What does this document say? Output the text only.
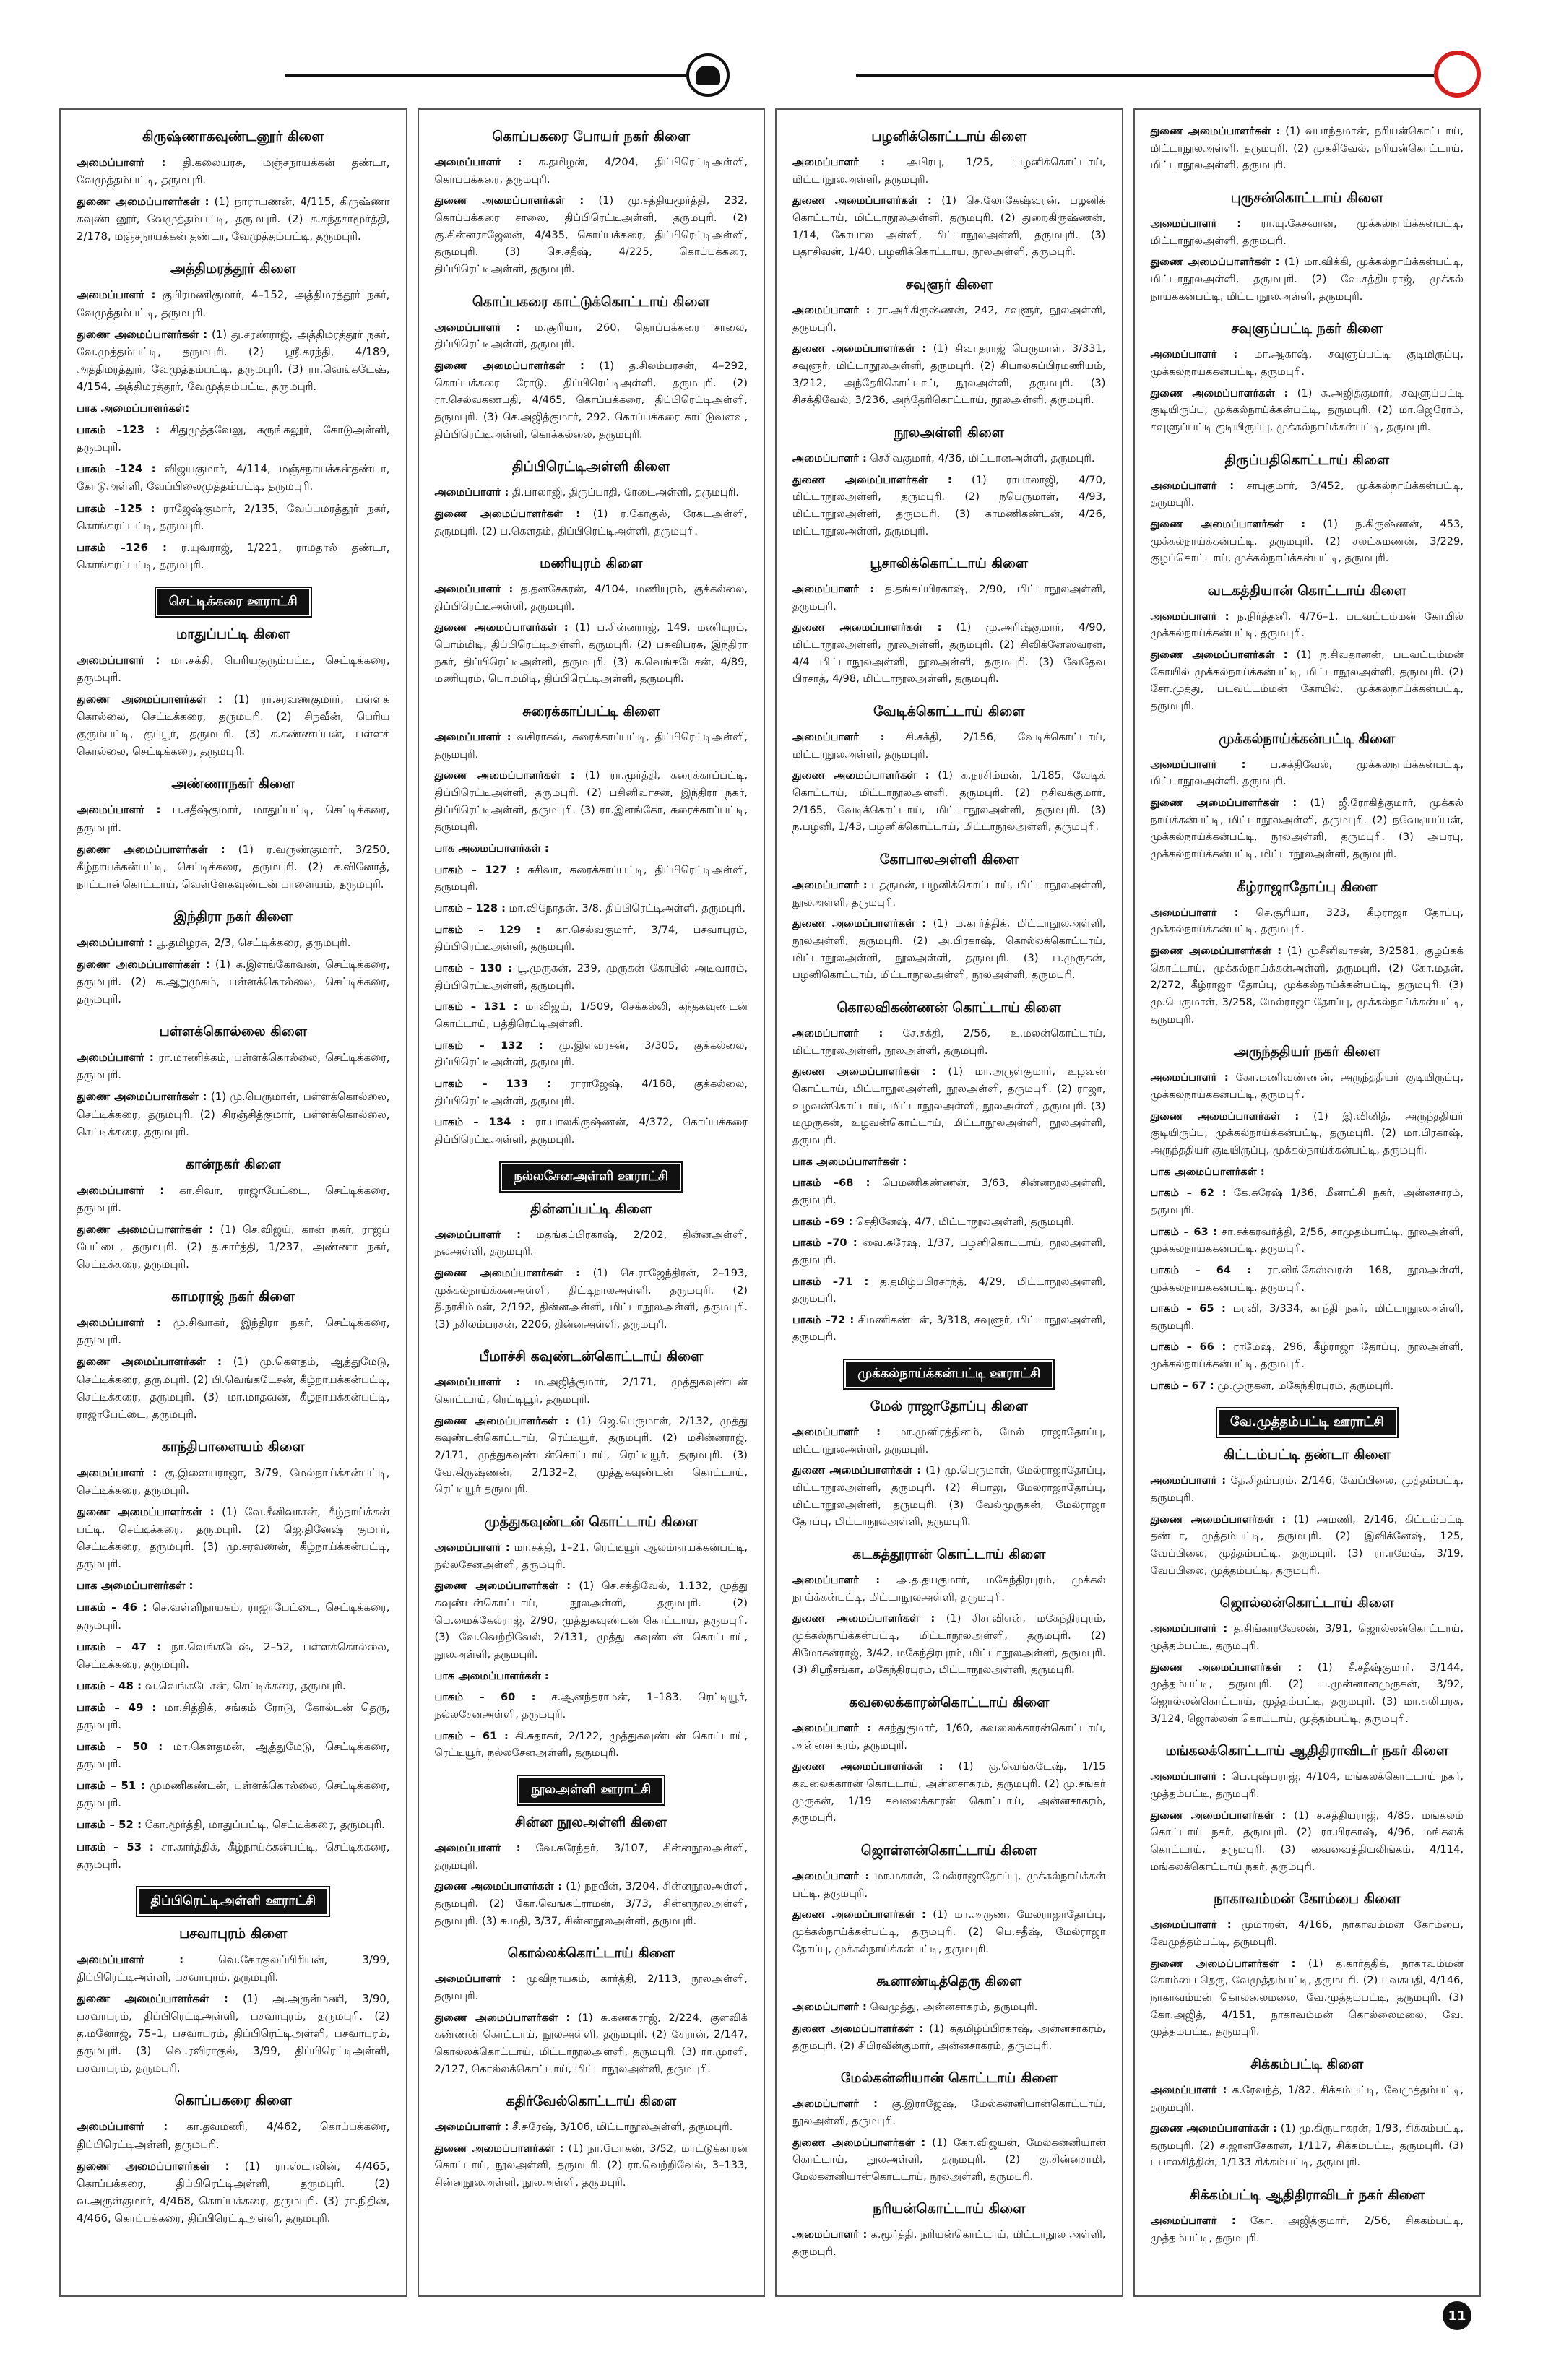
கிருஷ்ணாகவுண்டனூர் கிளை
அமைப்பாளர் : தி.கலையரசு, மஞ்சநாயக்கன் தண்டா, வேமுத்தம்பட்டி, தருமபுரி.
துணை அமைப்பாளர்கள் : (1) நாராயணன், 4/115, கிருஷ்ணா கவுண்டனூர், வேமுத்தம்பட்டி, தருமபுரி. (2) க.கந்தசாமூர்த்தி, 2/178, மஞ்சநாயக்கன் தண்டா, வேமுத்தம்பட்டி, தருமபுரி.
அத்திமரத்தூர் கிளை
அமைப்பாளர் : குபிரமணிகுமார், 4–152, அத்திமரத்தூர் நகர், வேமுத்தம்பட்டி, தருமபுரி.
துணை அமைப்பாளர்கள் : (1) து.சரண்ராஜ், அத்திமரத்தூர் நகர், வே.முத்தம்பட்டி, தருமபுரி. (2) ஸ்ரீ.கரந்தி, 4/189, அத்திமரத்தூர், வேமுத்தம்பட்டி, தருமபுரி. (3) ரா.வெங்கடேஷ், 4/154, அத்திமரத்தூர், வேமுத்தம்பட்டி, தருமபுரி.
பாக அமைப்பாளர்கள்:
பாகம் –123 : சிதுமுத்தவேலு, கருங்கலூர், கோடுஅள்ளி, தருமபுரி.
பாகம் –124 : விஜயகுமார், 4/114, மஞ்சநாயக்கன்தண்டா, கோடுஅள்ளி, வேப்பிலைமுத்தம்பட்டி, தருமபுரி.
பாகம் –125 : ராஜேஷ்குமார், 2/135, வேப்பமரத்தூர் நகர், கொங்கரப்பட்டி, தருமபுரி.
பாகம் –126 : ர.யுவராஜ், 1/221, ராமதால் தண்டா, கொங்கரப்பட்டி, தருமபுரி.
செட்டிக்கரை ஊராட்சி
மாதுப்பட்டி கிளை
அமைப்பாளர் : மா.சக்தி, பெரியகுரும்பட்டி, செட்டிக்கரை, தருமபுரி.
துணை அமைப்பாளர்கள் : (1) ரா.சரவணகுமார், பள்ளக் கொல்லை, செட்டிக்கரை, தருமபுரி. (2) சிநவீன், பெரிய குரும்பட்டி, குப்பூர், தருமபுரி. (3) க.கண்ணப்பன், பள்ளக் கொல்லை, செட்டிக்கரை, தருமபுரி.
அண்ணாநகர் கிளை
அமைப்பாளர் : ப.சதீஷ்குமார், மாதுப்பட்டி, செட்டிக்கரை, தருமபுரி.
துணை அமைப்பாளர்கள் : (1) ர.வருண்குமார், 3/250, கீழ்நாயக்கன்பட்டி, செட்டிக்கரை, தருமபுரி. (2) ச.வினோத், நாட்டான்கொட்டாய், வெள்ளேகவுண்டன் பாளையம், தருமபுரி.
இந்திரா நகர் கிளை
அமைப்பாளர் : பூ.தமிழரசு, 2/3, செட்டிக்கரை, தருமபுரி.
துணை அமைப்பாளர்கள் : (1) க.இளங்கோவன், செட்டிக்கரை, தருமபுரி. (2) க.ஆறுமுகம், பள்ளக்கொல்லை, செட்டிக்கரை, தருமபுரி.
பள்ளக்கொல்லை கிளை
அமைப்பாளர் : ரா.மாணிக்கம், பள்ளக்கொல்லை, செட்டிக்கரை, தருமபுரி.
துணை அமைப்பாளர்கள் : (1) மு.பெருமாள், பள்ளக்கொல்லை, செட்டிக்கரை, தருமபுரி. (2) சிரஞ்சித்குமார், பள்ளக்கொல்லை, செட்டிக்கரை, தருமபுரி.
கான்நகர் கிளை
அமைப்பாளர் : கா.சிவா, ராஜாபேட்டை, செட்டிக்கரை, தருமபுரி.
துணை அமைப்பாளர்கள் : (1) செ.விஜய், கான் நகர், ராஜப் பேட்டை, தருமபுரி. (2) த.கார்த்தி, 1/237, அண்ணா நகர், செட்டிக்கரை, தருமபுரி.
காமராஜ் நகர் கிளை
அமைப்பாளர் : மு.சிவாகர், இந்திரா நகர், செட்டிக்கரை, தருமபுரி.
துணை அமைப்பாளர்கள் : (1) மு.கௌதம், ஆத்துமேடு, செட்டிக்கரை, தருமபுரி. (2) பி.வெங்கடேசன், கீழ்நாயக்கன்பட்டி, செட்டிக்கரை, தருமபுரி. (3) மா.மாதவன், கீழ்நாயக்கன்பட்டி, ராஜாபேட்டை, தருமபுரி.
காந்திபாளையம் கிளை
அமைப்பாளர் : கு.இளையராஜா, 3/79, மேல்நாய்க்கன்பட்டி, செட்டிக்கரை, தருமபுரி.
துணை அமைப்பாளர்கள் : (1) வே.சீனிவாசன், கீழ்நாய்க்கன் பட்டி, செட்டிக்கரை, தருமபுரி. (2) ஜெ.தினேஷ் குமார், செட்டிக்கரை, தருமபுரி. (3) மு.சரவணன், கீழ்நாய்க்கன்பட்டி, தருமபுரி.
பாக அமைப்பாளர்கள் :
பாகம் – 46 : செ.வள்ளிநாயகம், ராஜாபேட்டை, செட்டிக்கரை, தருமபுரி.
பாகம் – 47 : நா.வெங்கடேஷ், 2–52, பள்ளக்கொல்லை, செட்டிக்கரை, தருமபுரி.
பாகம் – 48 : வ.வெங்கடேசன், செட்டிக்கரை, தருமபுரி.
பாகம் – 49 : மா.சித்திக், சங்கம் ரோடு, கோல்டன் தெரு, தருமபுரி.
பாகம் – 50 : மா.கௌதமன், ஆத்துமேடு, செட்டிக்கரை, தருமபுரி.
பாகம் – 51 : முமணிகண்டன், பள்ளக்கொல்லை, செட்டிக்கரை, தருமபுரி.
பாகம் – 52 : கோ.மூர்த்தி, மாதுப்பட்டி, செட்டிக்கரை, தருமபுரி.
பாகம் – 53 : சா.கார்த்திக், கீழ்நாய்க்கன்பட்டி, செட்டிக்கரை, தருமபுரி.
திப்பிரெட்டிஅள்ளி ஊராட்சி
பசவாபுரம் கிளை
அமைப்பாளர் :	வெ.கோகுலப்பிரியன், 3/99, திப்பிரெட்டிஅள்ளி, பசவாபுரம், தருமபுரி.
துணை அமைப்பாளர்கள் : (1) அ.அருள்மணி, 3/90, பசவாபுரம், திப்பிரெட்டிஅள்ளி, பசவாபுரம், தருமபுரி. (2) த.மனோஜ், 75–1, பசவாபுரம், திப்பிரெட்டிஅள்ளி, பசவாபுரம், தருமபுரி. (3) வெ.ரவிராகுல், 3/99, திப்பிரெட்டிஅள்ளி, பசவாபுரம், தருமபுரி.
கொப்பகரை கிளை
அமைப்பாளர் : கா.தவமணி, 4/462, கொப்பக்கரை, திப்பிரெட்டிஅள்ளி, தருமபுரி.
துணை அமைப்பாளர்கள் : (1) ரா.ஸ்டாலின், 4/465, கொப்பக்கரை, திப்பிரெட்டிஅள்ளி, தருமபுரி. (2) வ.அருள்குமார், 4/468, கொப்பக்கரை, தருமபுரி. (3) ரா.நிதின், 4/466, கொப்பக்கரை, திப்பிரெட்டிஅள்ளி, தருமபுரி.
கொப்பகரை போயர் நகர் கிளை
அமைப்பாளர் : க.தமிழன், 4/204, திப்பிரெட்டிஅள்ளி, கொப்பக்கரை, தருமபுரி.
துணை அமைப்பாளர்கள் : (1) மு.சத்தியமூர்த்தி, 232, கொப்பக்கரை சாலை, திப்பிரெட்டிஅள்ளி, தருமபுரி. (2) கு.சின்னராஜேலன், 4/435, கொப்பக்கரை, திப்பிரெட்டிஅள்ளி, தருமபுரி. (3) செ.சதீஷ், 4/225, கொப்பக்கரை, திப்பிரெட்டிஅள்ளி, தருமபுரி.
கொப்பகரை காட்டுக்கொட்டாய் கிளை
அமைப்பாளர் : ம.சூரியா, 260, தொப்பக்கரை சாலை, திப்பிரெட்டிஅள்ளி, தருமபுரி.
துணை அமைப்பாளர்கள் : (1) த.சிலம்பரசன், 4–292, கொப்பக்கரை ரோடு, திப்பிரெட்டிஅள்ளி, தருமபுரி. (2) ரா.செல்வகணபதி, 4/465, கொப்பக்கரை, திப்பிரெட்டிஅள்ளி, தருமபுரி. (3) செ.அஜித்குமார், 292, கொப்பக்கரை காட்டுவளவு, திப்பிரெட்டிஅள்ளி, கொக்கல்லை, தருமபுரி.
திப்பிரெட்டிஅள்ளி கிளை
அமைப்பாளர் : தி.பாலாஜி, திருப்பாதி, ரேடைஅள்ளி, தருமபுரி.
துணை அமைப்பாளர்கள் : (1) ர.கோகுல், ரேகடஅள்ளி, தருமபுரி. (2) ப.கௌதம், திப்பிரெட்டிஅள்ளி, தருமபுரி.
மணியுரம் கிளை
அமைப்பாளர் : த.தனசேகரன், 4/104, மணியுரம், குக்கல்லை, திப்பிரெட்டிஅள்ளி, தருமபுரி.
துணை அமைப்பாளர்கள் : (1) ப.சின்னராஜ், 149, மணியுரம், பொம்மிடி, திப்பிரெட்டிஅள்ளி, தருமபுரி. (2) பசுவிபரசு, இந்திரா நகர், திப்பிரெட்டிஅள்ளி, தருமபுரி. (3) க.வெங்கடேசன், 4/89, மணியுரம், பொம்மிடி, திப்பிரெட்டிஅள்ளி, தருமபுரி.
சுரைக்காப்பட்டி கிளை
அமைப்பாளர் : வசிராகவ், சுரைக்காப்பட்டி, திப்பிரெட்டிஅள்ளி, தருமபுரி.
துணை அமைப்பாளர்கள் : (1) ரா.மூர்த்தி, சுரைக்காப்பட்டி, திப்பிரெட்டிஅள்ளி, தருமபுரி. (2) பசினிவாசன், இந்திரா நகர், திப்பிரெட்டிஅள்ளி, தருமபுரி. (3) ரா.இளங்கோ, சுரைக்காப்பட்டி, தருமபுரி.
பாக அமைப்பாளர்கள் :
பாகம் – 127 : சுசிவா, சுரைக்காப்பட்டி, திப்பிரெட்டிஅள்ளி, தருமபுரி.
பாகம் – 128 : மா.விநோதன், 3/8, திப்பிரெட்டிஅள்ளி, தருமபுரி.
பாகம் – 129 : கா.செல்வகுமார், 3/74, பசவாபுரம், திப்பிரெட்டிஅள்ளி, தருமபுரி.
பாகம் – 130 : பூ.முருகன், 239, முருகன் கோயில் அடிவாரம், திப்பிரெட்டிஅள்ளி, தருமபுரி.
பாகம் – 131 : மாவிஜய், 1/509, செக்கல்லி, கந்தகவுண்டன் கொட்டாய், பத்திரெட்டிஅள்ளி.
பாகம் – 132 : மு.இளவரசன், 3/305, குக்கல்லை, திப்பிரெட்டிஅள்ளி, தருமபுரி.
பாகம் – 133 : ராராஜேஷ், 4/168, குக்கல்லை, திப்பிரெட்டிஅள்ளி, தருமபுரி.
பாகம் – 134 : ரா.பாலகிருஷ்ணன், 4/372, கொப்பக்கரை திப்பிரெட்டிஅள்ளி, தருமபுரி.
நல்லசேனஅள்ளி ஊராட்சி
தின்னப்பட்டி கிளை
அமைப்பாளர் : மதங்கப்பிரகாஷ், 2/202, தின்னஅள்ளி, நலஅள்ளி, தருமபுரி.
துணை அமைப்பாளர்கள் : (1) செ.ராஜேந்திரன், 2–193, முக்கல்நாய்க்கனஅள்ளி, திட்டிநாலஅள்ளி, தருமபுரி. (2) தீ.நரசிம்மன், 2/192, தின்னஅள்ளி, மிட்டாநூலஅள்ளி, தருமபுரி. (3) நசிலம்பரசன், 2206, தின்னஅள்ளி, தருமபுரி.
பீமாச்சி கவுண்டன்கொட்டாய் கிளை
அமைப்பாளர் : ம.அஜித்குமார், 2/171, முத்துகவுண்டன் கொட்டாய், ரெட்டியூர், தருமபுரி.
துணை அமைப்பாளர்கள் : (1) ஜெ.பெருமாள், 2/132, முத்து கவுண்டன்கொட்டாய், ரெட்டியூர், தருமபுரி. (2) மசின்னராஜ், 2/171, முத்துகவுண்டன்கொட்டாய், ரெட்டியூர், தருமபுரி. (3) வே.கிருஷ்ணன், 2/132–2, முத்துகவுண்டன் கொட்டாய், ரெட்டியூர் தருமபுரி.
முத்துகவுண்டன் கொட்டாய் கிளை
அமைப்பாளர் : மா.சக்தி, 1–21, ரெட்டியூர் ஆலம்நாயக்கன்பட்டி, நல்லசேனஅள்ளி, தருமபுரி.
துணை அமைப்பாளர்கள் : (1) செ.சக்திவேல், 1.132, முத்து கவுண்டன்கொட்டாய், நூலஅள்ளி, தருமபுரி. (2) பெ.மைக்கேல்ராஜ், 2/90, முத்துகவுண்டன் கொட்டாய், தருமபுரி. (3) வே.வெற்றிவேல், 2/131, முத்து கவுண்டன் கொட்டாய், நூலஅள்ளி, தருமபுரி.
பாக அமைப்பாளர்கள் :
பாகம் – 60 : ச.ஆனந்தராமன், 1–183, ரெட்டியூர், நல்லசேனஅள்ளி, தருமபுரி.
பாகம் – 61 : கி.சுதாகர், 2/122, முத்துகவுண்டன் கொட்டாய், ரெட்டியூர், நல்லசேனஅள்ளி, தருமபுரி.
நூலஅள்ளி ஊராட்சி
சின்ன நூலஅள்ளி கிளை
அமைப்பாளர் : வே.சுரேந்தர், 3/107, சின்னநூலஅள்ளி, தருமபுரி.
துணை அமைப்பாளர்கள் : (1) நநவீன், 3/204, சின்னநூலஅள்ளி, தருமபுரி. (2) கோ.வெங்கட்ராமன், 3/73, சின்னநூலஅள்ளி, தருமபுரி. (3) சு.மதி, 3/37, சின்னநூலஅள்ளி, தருமபுரி.
கொல்லக்கொட்டாய் கிளை
அமைப்பாளர் : முவிநாயகம், கார்த்தி, 2/113, நூலஅள்ளி, தருமபுரி.
துணை அமைப்பாளர்கள் : (1) சு.கணகராஜ், 2/224, குளவிக் கண்ணன் கொட்டாய், நூலஅள்ளி, தருமபுரி. (2) சேரான், 2/147, கொல்லக்கொட்டாய், மிட்டாநூலஅள்ளி, தருமபுரி. (3) ரா.முரளி, 2/127, கொல்லக்கொட்டாய், மிட்டாநூலஅள்ளி, தருமபுரி.
கதிர்வேல்கொட்டாய் கிளை
அமைப்பாளர் : சீ.சுரேஷ், 3/106, மிட்டாநூலஅள்ளி, தருமபுரி.
துணை அமைப்பாளர்கள் : (1) நா.மோகன், 3/52, மாட்டுக்காரன் கொட்டாய், நூலஅள்ளி, தருமபுரி. (2) ரா.வெற்றிவேல், 3–133, சின்னநூலஅள்ளி, நூலஅள்ளி, தருமபுரி.
பழனிக்கொட்டாய் கிளை
அமைப்பாளர் : அபிரபு, 1/25, பழனிக்கொட்டாய், மிட்டாநூலஅள்ளி, தருமபுரி.
துணை அமைப்பாளர்கள் : (1) செ.லோகேஷ்வரன், பழனிக் கொட்டாய், மிட்டாநூலஅள்ளி, தருமபுரி. (2) துறைகிருஷ்ணன், 1/14, கோபால அள்ளி, மிட்டாநூலஅள்ளி, தருமபுரி. (3) பதாசிவன், 1/40, பழனிக்கொட்டாய், நூலஅள்ளி, தருமபுரி.
சவுளூர் கிளை
அமைப்பாளர் : ரா.அரிகிருஷ்ணன், 242, சவுளூர், நூலஅள்ளி, தருமபுரி.
துணை அமைப்பாளர்கள் : (1) சிவாதராஜ் பெருமாள், 3/331, சவுளூர், மிட்டாநூலஅள்ளி, தருமபுரி. (2) சிபாலசுப்பிரமணியம், 3/212, அந்தேரிகொட்டாய், நூலஅள்ளி, தருமபுரி. (3) சிசக்திவேல், 3/236, அந்தேரிகொட்டாய், நூலஅள்ளி, தருமபுரி.
நூலஅள்ளி கிளை
அமைப்பாளர் : செசிவகுமார், 4/36, மிட்டானஅள்ளி, தருமபுரி.
துணை அமைப்பாளர்கள் : (1) ராபாலாஜி, 4/70, மிட்டாநூலஅள்ளி, தருமபுரி. (2) நபெருமாள், 4/93, மிட்டாநூலஅள்ளி, தருமபுரி. (3) காமணிகண்டன், 4/26, மிட்டாநூலஅள்ளி, தருமபுரி.
பூசாலிக்கொட்டாய் கிளை
அமைப்பாளர் : த.தங்கப்பிரகாஷ், 2/90, மிட்டாநூலஅள்ளி, தருமபுரி.
துணை அமைப்பாளர்கள் : (1) மு.அரிஷ்குமார், 4/90, மிட்டாநூலஅள்ளி, நூலஅள்ளி, தருமபுரி. (2) சிவிக்னேஸ்வரன், 4/4 மிட்டாநூலஅள்ளி, நூலஅள்ளி, தருமபுரி. (3) வேதேவ பிரசாத், 4/98, மிட்டாநூலஅள்ளி, தருமபுரி.
வேடிக்கொட்டாய் கிளை
அமைப்பாளர் : சி.சக்தி, 2/156, வேடிக்கொட்டாய், மிட்டாநூலஅள்ளி, தருமபுரி.
துணை அமைப்பாளர்கள் : (1) க.நரசிம்மன், 1/185, வேடிக் கொட்டாய், மிட்டாநூலஅள்ளி, தருமபுரி. (2) நசிவக்குமார், 2/165, வேடிக்கொட்டாய், மிட்டாநூலஅள்ளி, தருமபுரி. (3) ந.பழனி, 1/43, பழனிக்கொட்டாய், மிட்டாநூலஅள்ளி, தருமபுரி.
கோபாலஅள்ளி கிளை
அமைப்பாளர் : பதருமன், பழனிக்கொட்டாய், மிட்டாநூலஅள்ளி, நூலஅள்ளி, தருமபுரி.
துணை அமைப்பாளர்கள் : (1) ம.கார்த்திக், மிட்டாநூலஅள்ளி, நூலஅள்ளி, தருமபுரி. (2) அ.பிரகாஷ், கொல்லக்கொட்டாய், மிட்டாநூலஅள்ளி, நூலஅள்ளி, தருமபுரி. (3) ப.முருகன், பழனிகொட்டாய், மிட்டாநூலஅள்ளி, நூலஅள்ளி, தருமபுரி.
கொலவிகண்ணன் கொட்டாய் கிளை
அமைப்பாளர் : சே.சக்தி, 2/56, உ.மலன்கொட்டாய், மிட்டாநூலஅள்ளி, நூலஅள்ளி, தருமபுரி.
துணை அமைப்பாளர்கள் : (1) மா.அருள்குமார், உழவன் கொட்டாய், மிட்டாநூலஅள்ளி, நூலஅள்ளி, தருமபுரி. (2) ராஜா, உழவன்கொட்டாய், மிட்டாநூலஅள்ளி, நூலஅள்ளி, தருமபுரி. (3) மமுருகன், உழவன்கொட்டாய், மிட்டாநூலஅள்ளி, நூலஅள்ளி, தருமபுரி.
பாக அமைப்பாளர்கள் :
பாகம் –68 : பெமணிகண்ணன், 3/63, சின்னநூலஅள்ளி, தருமபுரி.
பாகம் –69 : செதினேஷ், 4/7, மிட்டாநூலஅள்ளி, தருமபுரி.
பாகம் –70 : வை.சுரேஷ், 1/37, பழனிகொட்டாய், நூலஅள்ளி, தருமபுரி.
பாகம் –71 : த.தமிழ்ப்பிரசாந்த், 4/29, மிட்டாநூலஅள்ளி, தருமபுரி.
பாகம் –72 : சிமணிகண்டன், 3/318, சவுளூர், மிட்டாநூலஅள்ளி, தருமபுரி.
முக்கல்நாய்க்கன்பட்டி ஊராட்சி
மேல் ராஜாதோப்பு கிளை
அமைப்பாளர் : மா.முனிரத்தினம், மேல் ராஜாதோப்பு, மிட்டாநூலஅள்ளி, தருமபுரி.
துணை அமைப்பாளர்கள் : (1) மு.பெருமாள், மேல்ராஜாதோப்பு, மிட்டாநூலஅள்ளி, தருமபுரி. (2) சிபாலு, மேல்ராஜாதோப்பு, மிட்டாநூலஅள்ளி, தருமபுரி. (3) வேல்முருகன், மேல்ராஜா தோப்பு, மிட்டாநூலஅள்ளி, தருமபுரி.
கடகத்தூரான் கொட்டாய் கிளை
அமைப்பாளர் : அ.த.தயகுமார், மகேந்திரபுரம், முக்கல் நாய்க்கன்பட்டி, மிட்டாநூலஅள்ளி, தருமபுரி.
துணை அமைப்பாளர்கள் : (1) சிசாவிஎன், மகேந்திரபுரம், முக்கல்நாய்க்கன்பட்டி, மிட்டாநூலஅள்ளி, தருமபுரி. (2) சிமோகன்ராஜ், 3/42, மகேந்திரபுரம், மிட்டாநூலஅள்ளி, தருமபுரி. (3) சிஸ்ரீசங்கர், மகேந்திரபுரம், மிட்டாநூலஅள்ளி, தருமபுரி.
கவலைக்காரன்கொட்டாய் கிளை
அமைப்பாளர் : சசந்துகுமார், 1/60, கவலைக்காரன்கொட்டாய், அன்னசாகரம், தருமபுரி.
துணை அமைப்பாளர்கள் : (1) கு.வெங்கடேஷ், 1/15 கவலைக்காரன் கொட்டாய், அன்னசாகரம், தருமபுரி. (2) மு.சங்கர் முருகன், 1/19 கவலைக்காரன் கொட்டாய், அன்னசாகரம், தருமபுரி.
ஜொள்ளன்கொட்டாய் கிளை
அமைப்பாளர் : மா.மகான், மேல்ராஜாதோப்பு, முக்கல்நாய்க்கன் பட்டி, தருமபுரி.
துணை அமைப்பாளர்கள் : (1) மா.அருண், மேல்ராஜாதோப்பு, முக்கல்நாய்க்கன்பட்டி, தருமபுரி. (2) பெ.சதீஷ், மேல்ராஜா தோப்பு, முக்கல்நாய்க்கன்பட்டி, தருமபுரி.
கூனாண்டித்தெரு கிளை
அமைப்பாளர் : வெமுத்து, அன்னசாகரம், தருமபுரி.
துணை அமைப்பாளர்கள் : (1) சுதமிழ்ப்பிரகாஷ், அன்னசாகரம், தருமபுரி. (2) சிபிரவீன்குமார், அன்னசாகரம், தருமபுரி.
மேல்கன்னியான் கொட்டாய் கிளை
அமைப்பாளர் : கு.இராஜேஷ், மேல்கன்னியான்கொட்டாய், நூலஅள்ளி, தருமபுரி.
துணை அமைப்பாளர்கள் : (1) கோ.விஜயன், மேல்கன்னியான் கொட்டாய், நூலஅள்ளி, தருமபுரி. (2) கு.சின்னசாமி, மேல்கன்னியான்கொட்டாய், நூலஅள்ளி, தருமபுரி.
நரியன்கொட்டாய் கிளை
அமைப்பாளர் : க.மூர்த்தி, நரியன்கொட்டாய், மிட்டாநூல அள்ளி, தருமபுரி.
துணை அமைப்பாளர்கள் : (1) வபாந்தமான், நரியன்கொட்டாய், மிட்டாநூலஅள்ளி, தருமபுரி. (2) முகசிவேல், நரியன்கொட்டாய், மிட்டாநூலஅள்ளி, தருமபுரி.
புருசன்கொட்டாய் கிளை
அமைப்பாளர் : ரா.யு.கேசவான், முக்கல்நாய்க்கன்பட்டி, மிட்டாநூலஅள்ளி, தருமபுரி.
துணை அமைப்பாளர்கள் : (1) மா.விக்கி, முக்கல்நாய்க்கன்பட்டி, மிட்டாநூலஅள்ளி, தருமபுரி. (2) வே.சத்தியராஜ், முக்கல் நாய்க்கன்பட்டி, மிட்டாநூலஅள்ளி, தருமபுரி.
சவுளுப்பட்டி நகர் கிளை
அமைப்பாளர் : மா.ஆகாஷ், சவுளுப்பட்டி குடிமிருப்பு, முக்கல்நாய்க்கன்பட்டி, தருமபுரி.
துணை அமைப்பாளர்கள் : (1) க.அஜித்குமார், சவுளுப்பட்டி குடியிருப்பு, முக்கல்நாய்க்கன்பட்டி, தருமபுரி. (2) மா.ஜெரோம், சவுளுப்பட்டி குடியிருப்பு, முக்கல்நாய்க்கன்பட்டி, தருமபுரி.
திருப்பதிகொட்டாய் கிளை
அமைப்பாளர் : சரபுகுமார், 3/452, முக்கல்நாய்க்கன்பட்டி, தருமபுரி.
துணை அமைப்பாளர்கள் : (1) ந.கிருஷ்ணன், 453, முக்கல்நாய்க்கன்பட்டி, தருமபுரி. (2) சலட்சுமணன், 3/229, குழப்கொட்டாய், முக்கல்நாய்க்கன்பட்டி, தருமபுரி.
வடகத்தியான் கொட்டாய் கிளை
அமைப்பாளர் : ந.நிர்த்தனி, 4/76–1, படவட்டம்மன் கோயில் முக்கல்நாய்க்கன்பட்டி, தருமபுரி.
துணை அமைப்பாளர்கள் : (1) ந.சிவதானன், படவட்டம்மன் கோயில் முக்கல்நாய்க்கன்பட்டி, மிட்டாநூலஅள்ளி, தருமபுரி. (2) சோ.முத்து, படவட்டம்மன் கோயில், முக்கல்நாய்க்கன்பட்டி, தருமபுரி.
முக்கல்நாய்க்கன்பட்டி கிளை
அமைப்பாளர் : ப.சக்திவேல், முக்கல்நாய்க்கன்பட்டி, மிட்டாநூலஅள்ளி, தருமபுரி.
துணை அமைப்பாளர்கள் : (1) ஜீ.ரோகித்குமார், முக்கல் நாய்க்கன்பட்டி, மிட்டாநூலஅள்ளி, தருமபுரி. (2) நவேடியப்பன், முக்கல்நாய்க்கன்பட்டி, நூலஅள்ளி, தருமபுரி. (3) அபரபு, முக்கல்நாய்க்கன்பட்டி, மிட்டாநூலஅள்ளி, தருமபுரி.
கீழ்ராஜாதோப்பு கிளை
அமைப்பாளர் : செ.சூரியா, 323, கீழ்ராஜா தோப்பு, முக்கல்நாய்க்கன்பட்டி, தருமபுரி.
துணை அமைப்பாளர்கள் : (1) முசீனிவாசன், 3/2581, குழப்கக் கொட்டாய், முக்கல்நாய்க்கன்அள்ளி, தருமபுரி. (2) கோ.மதன், 2/272, கீழ்ராஜா தோப்பு, முக்கல்நாய்க்கன்பட்டி, தருமபுரி. (3) மு.பெருமாள், 3/258, மேல்ராஜா தோப்பு, முக்கல்நாய்க்கன்பட்டி, தருமபுரி.
அருந்ததியர் நகர் கிளை
அமைப்பாளர் : கோ.மணிவண்ணன், அருந்ததியர் குடியிருப்பு, முக்கல்நாய்க்கன்பட்டி, தருமபுரி.
துணை அமைப்பாளர்கள் : (1) இ.வினித், அருந்ததியர் குடியிருப்பு, முக்கல்நாய்க்கன்பட்டி, தருமபுரி. (2) மா.பிரகாஷ், அருந்ததியர் குடியிருப்பு, முக்கல்நாய்க்கன்பட்டி, தருமபுரி.
பாக அமைப்பாளர்கள் :
பாகம் – 62 : கே.சுரேஷ் 1/36, மீனாட்சி நகர், அன்னசாரம், தருமபுரி.
பாகம் – 63 : சா.சக்கரவர்த்தி, 2/56, சாமுதம்பாட்டி, நூலஅள்ளி, முக்கல்நாய்க்கன்பட்டி, தருமபுரி.
பாகம் – 64 : ரா.லிங்கேஸ்வரன் 168, நூலஅள்ளி, முக்கல்நாய்க்கன்பட்டி, தருமபுரி.
பாகம் – 65 : மரவி, 3/334, காந்தி நகர், மிட்டாநூலஅள்ளி, தருமபுரி.
பாகம் – 66 : ராமேஷ், 296, கீழ்ராஜா தோப்பு, நூலஅள்ளி, முக்கல்நாய்க்கன்பட்டி, தருமபுரி.
பாகம் – 67 : மு.முருகன், மகேந்திரபுரம், தருமபுரி.
வே.முத்தம்பட்டி ஊராட்சி
கிட்டம்பட்டி தண்டா கிளை
அமைப்பாளர் : தே.சிதம்பரம், 2/146, வேப்பிலை, முத்தம்பட்டி, தருமபுரி.
துணை அமைப்பாளர்கள் : (1) அமணி, 2/146, கிட்டம்பட்டி தண்டா, முத்தம்பட்டி, தருமபுரி. (2) இவிக்னேஷ், 125, வேப்பிலை, முத்தம்பட்டி, தருமபுரி. (3) ரா.ரமேஷ், 3/19, வேப்பிலை, முத்தம்பட்டி, தருமபுரி.
ஜொல்லன்கொட்டாய் கிளை
அமைப்பாளர் : த.சிங்காரவேலன், 3/91, ஜொல்லன்கொட்டாய், முத்தம்பட்டி, தருமபுரி.
துணை அமைப்பாளர்கள் : (1) சீ.சதீஷ்குமார், 3/144, முத்தம்பட்டி, தருமபுரி. (2) ப.முன்னானமுருகன், 3/92, ஜொல்லன்கொட்டாய், முத்தம்பட்டி, தருமபுரி. (3) மா.சுலியரசு, 3/124, ஜொல்லன் கொட்டாய், முத்தம்பட்டி, தருமபுரி.
மங்கலக்கொட்டாய் ஆதிதிராவிடர் நகர் கிளை
அமைப்பாளர் : பெ.புஷ்பராஜ், 4/104, மங்கலக்கொட்டாய் நகர், முத்தம்பட்டி, தருமபுரி.
துணை அமைப்பாளர்கள் : (1) ச.சத்தியராஜ், 4/85, மங்கலம் கொட்டாய் நகர், தருமபுரி. (2) ரா.பிரகாஷ், 4/96, மங்கலக் கொட்டாய், தருமபுரி. (3) வைவைத்தியலிங்கம், 4/114, மங்கலக்கொட்டாய் நகர், தருமபுரி.
நாகாவம்மன் கோம்பை கிளை
அமைப்பாளர் : முமாறன், 4/166, நாகாவம்மன் கோம்பை, வேமுத்தம்பட்டி, தருமபுரி.
துணை அமைப்பாளர்கள் : (1) த.கார்த்திக், நாகாவம்மன் கோம்பை தெரு, வேமுத்தம்பட்டி, தருமபுரி. (2) பவகபதி, 4/146, நாகாவம்மன் கொல்லைமலை, வே.முத்தம்பட்டி, தருமபுரி. (3) கோ.அஜித், 4/151, நாகாவம்மன் கொல்லைமலை, வே. முத்தம்பட்டி, தருமபுரி.
சிக்கம்பட்டி கிளை
அமைப்பாளர் : க.ரேவந்த், 1/82, சிக்கம்பட்டி, வேமுத்தம்பட்டி, தருமபுரி.
துணை அமைப்பாளர்கள் : (1) மு.கிருபாகரன், 1/93, சிக்கம்பட்டி, தருமபுரி. (2) ச.ஜானசேகரன், 1/117, சிக்கம்பட்டி, தருமபுரி. (3) புபாலசித்தின், 1/133 சிக்கம்பட்டி, தருமபுரி.
சிக்கம்பட்டி ஆதிதிராவிடர் நகர் கிளை
அமைப்பாளர் : கோ. அஜித்குமார், 2/56, சிக்கம்பட்டி, முத்தம்பட்டி, தருமபுரி.
11
